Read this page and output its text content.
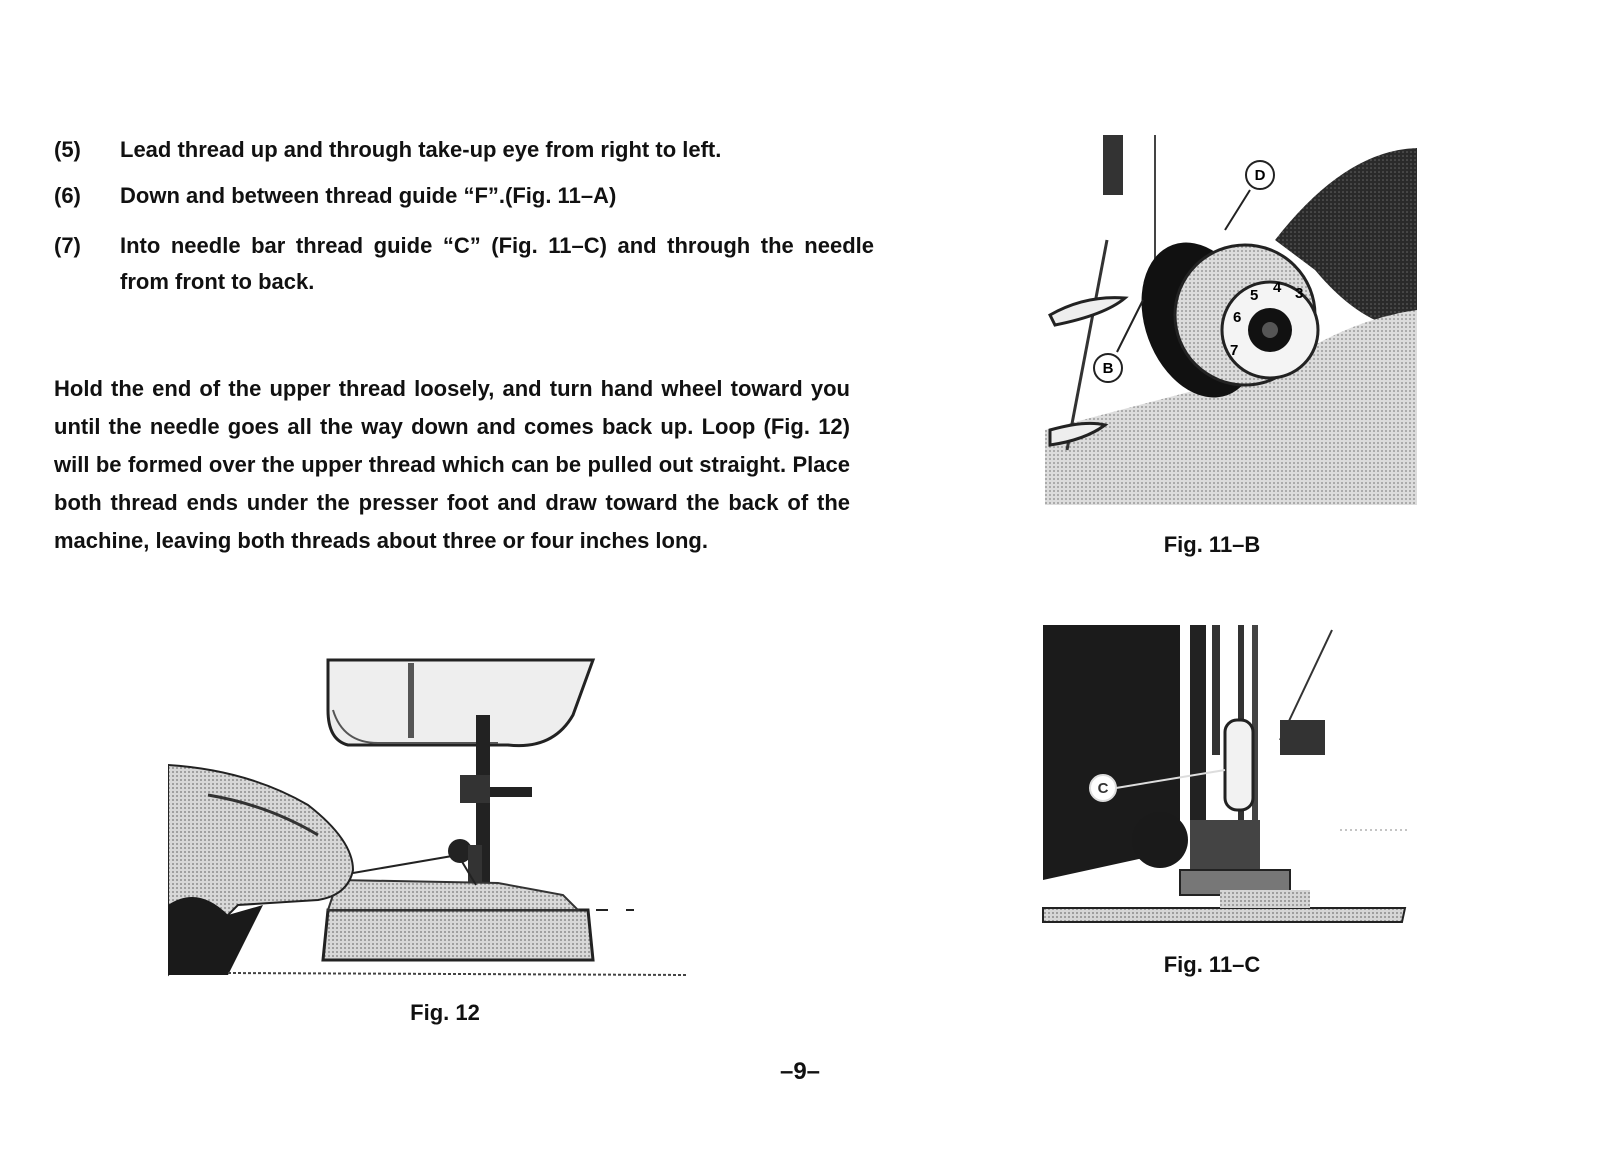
(5) Lead thread up and through take-up eye from right to left.
(6) Down and between thread guide “F”.(Fig. 11–A)
(7) Into needle bar thread guide “C” (Fig. 11–C) and through the needle from front to back.
Hold the end of the upper thread loosely, and turn hand wheel toward you until the needle goes all the way down and comes back up. Loop (Fig. 12) will be formed over the upper thread which can be pulled out straight. Place both thread ends under the presser foot and draw toward the back of the machine, leaving both threads about three or four inches long.
Fig. 12
7
6
5 4 3
D
B
Fig. 11–B
C
Fig. 11–C
–9–
